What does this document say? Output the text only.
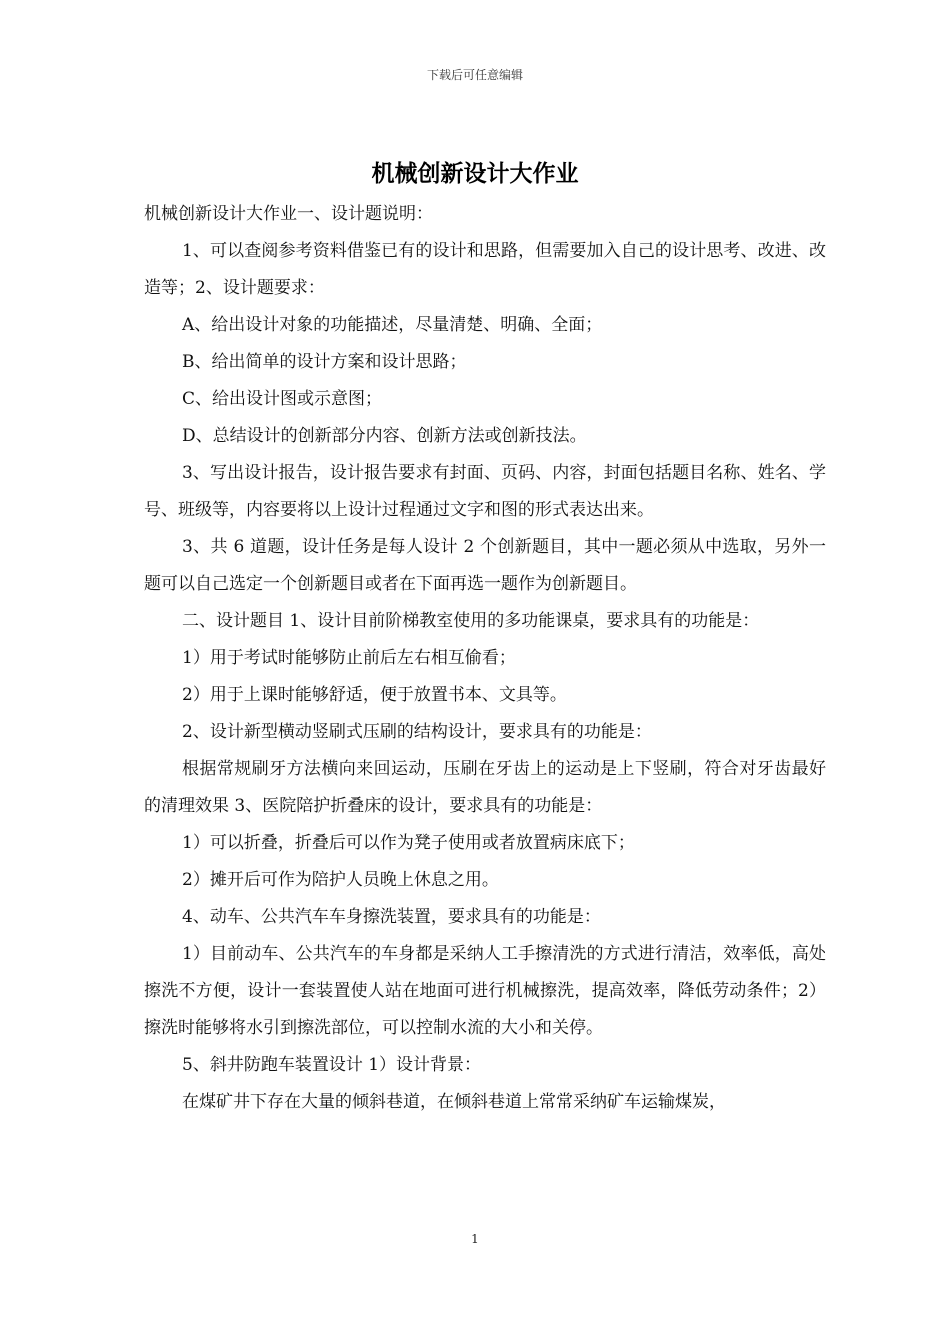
下载后可任意编辑
机械创新设计大作业

机械创新设计大作业一、设计题说明：

1、可以查阅参考资料借鉴已有的设计和思路，但需要加入自己的设计思考、改进、改造等；2、设计题要求：

A、给出设计对象的功能描述，尽量清楚、明确、全面；

B、给出简单的设计方案和设计思路；

C、给出设计图或示意图；

D、总结设计的创新部分内容、创新方法或创新技法。

3、写出设计报告，设计报告要求有封面、页码、内容，封面包括题目名称、姓名、学号、班级等，内容要将以上设计过程通过文字和图的形式表达出来。

3、共 6 道题，设计任务是每人设计 2 个创新题目，其中一题必须从中选取，另外一题可以自己选定一个创新题目或者在下面再选一题作为创新题目。

二、设计题目 1、设计目前阶梯教室使用的多功能课桌，要求具有的功能是：

1）用于考试时能够防止前后左右相互偷看；

2）用于上课时能够舒适，便于放置书本、文具等。

2、设计新型横动竖刷式压刷的结构设计，要求具有的功能是：

根据常规刷牙方法横向来回运动，压刷在牙齿上的运动是上下竖刷，符合对牙齿最好的清理效果 3、医院陪护折叠床的设计，要求具有的功能是：

1）可以折叠，折叠后可以作为凳子使用或者放置病床底下；

2）摊开后可作为陪护人员晚上休息之用。

4、动车、公共汽车车身擦洗装置，要求具有的功能是：

1）目前动车、公共汽车的车身都是采纳人工手擦清洗的方式进行清洁，效率低，高处擦洗不方便，设计一套装置使人站在地面可进行机械擦洗，提高效率，降低劳动条件；2）擦洗时能够将水引到擦洗部位，可以控制水流的大小和关停。

5、斜井防跑车装置设计 1）设计背景：

在煤矿井下存在大量的倾斜巷道，在倾斜巷道上常常采纳矿车运输煤炭，

1
